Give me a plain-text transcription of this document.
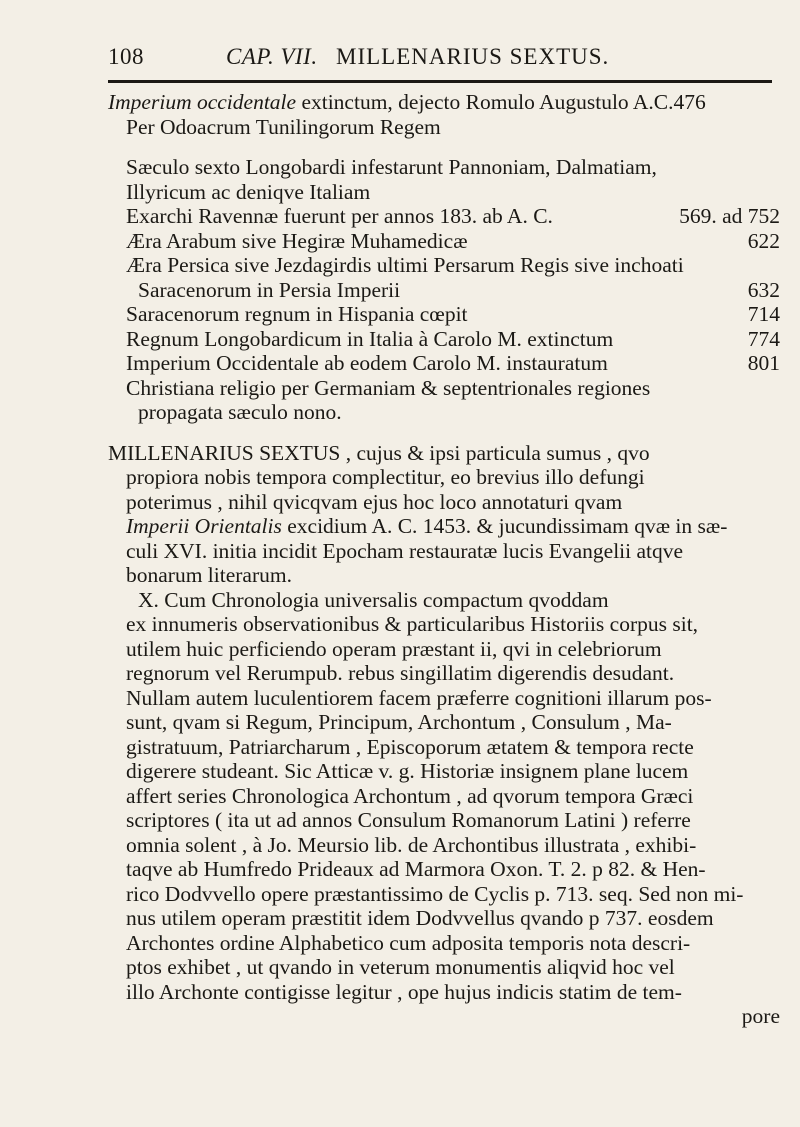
108	CAP. VII. MILLENARIUS SEXTUS.
Imperium occidentale extinctum, dejecto Romulo Augustulo A.C.476
Per Odoacrum Tunilingorum Regem
Sæculo sexto Longobardi infestarunt Pannoniam, Dalmatiam,
Illyricum ac deniqve Italiam
Exarchi Ravennæ fuerunt per annos 183. ab A. C.	569. ad 752
Æra Arabum sive Hegiræ Muhamedicæ	622
Æra Persica sive Jezdagirdis ultimi Persarum Regis sive inchoati
Saracenorum in Persia Imperii	632
Saracenorum regnum in Hispania cœpit	714
Regnum Longobardicum in Italia à Carolo M. extinctum	774
Imperium Occidentale ab eodem Carolo M. instauratum	801
Christiana religio per Germaniam & septentrionales regiones
propagata sæculo nono.
MILLENARIUS SEXTUS , cujus & ipsi particula sumus , qvo
propiora nobis tempora complectitur, eo brevius illo defungi
poterimus , nihil qvicqvam ejus hoc loco annotaturi qvam
Imperii Orientalis excidium A. C. 1453. & jucundissimam qvæ in sæ-
culi XVI. initia incidit Epocham restauratæ lucis Evangelii atqve
bonarum literarum.
X. Cum Chronologia universalis compactum qvoddam
ex innumeris observationibus & particularibus Historiis corpus sit,
utilem huic perficiendo operam præstant ii, qvi in celebriorum
regnorum vel Rerumpub. rebus singillatim digerendis desudant.
Nullam autem luculentiorem facem præferre cognitioni illarum pos-
sunt, qvam si Regum, Principum, Archontum , Consulum , Ma-
gistratuum, Patriarcharum , Episcoporum ætatem & tempora recte
digerere studeant. Sic Atticæ v. g. Historiæ insignem plane lucem
affert series Chronologica Archontum , ad qvorum tempora Græci
scriptores ( ita ut ad annos Consulum Romanorum Latini ) referre
omnia solent , à Jo. Meursio lib. de Archontibus illustrata , exhibi-
taqve ab Humfredo Prideaux ad Marmora Oxon. T. 2. p 82. & Hen-
rico Dodvvello opere præstantissimo de Cyclis p. 713. seq. Sed non mi-
nus utilem operam præstitit idem Dodvvellus qvando p 737. eosdem
Archontes ordine Alphabetico cum adposita temporis nota descri-
ptos exhibet , ut qvando in veterum monumentis aliqvid hoc vel
illo Archonte contigisse legitur , ope hujus indicis statim de tem-
pore
